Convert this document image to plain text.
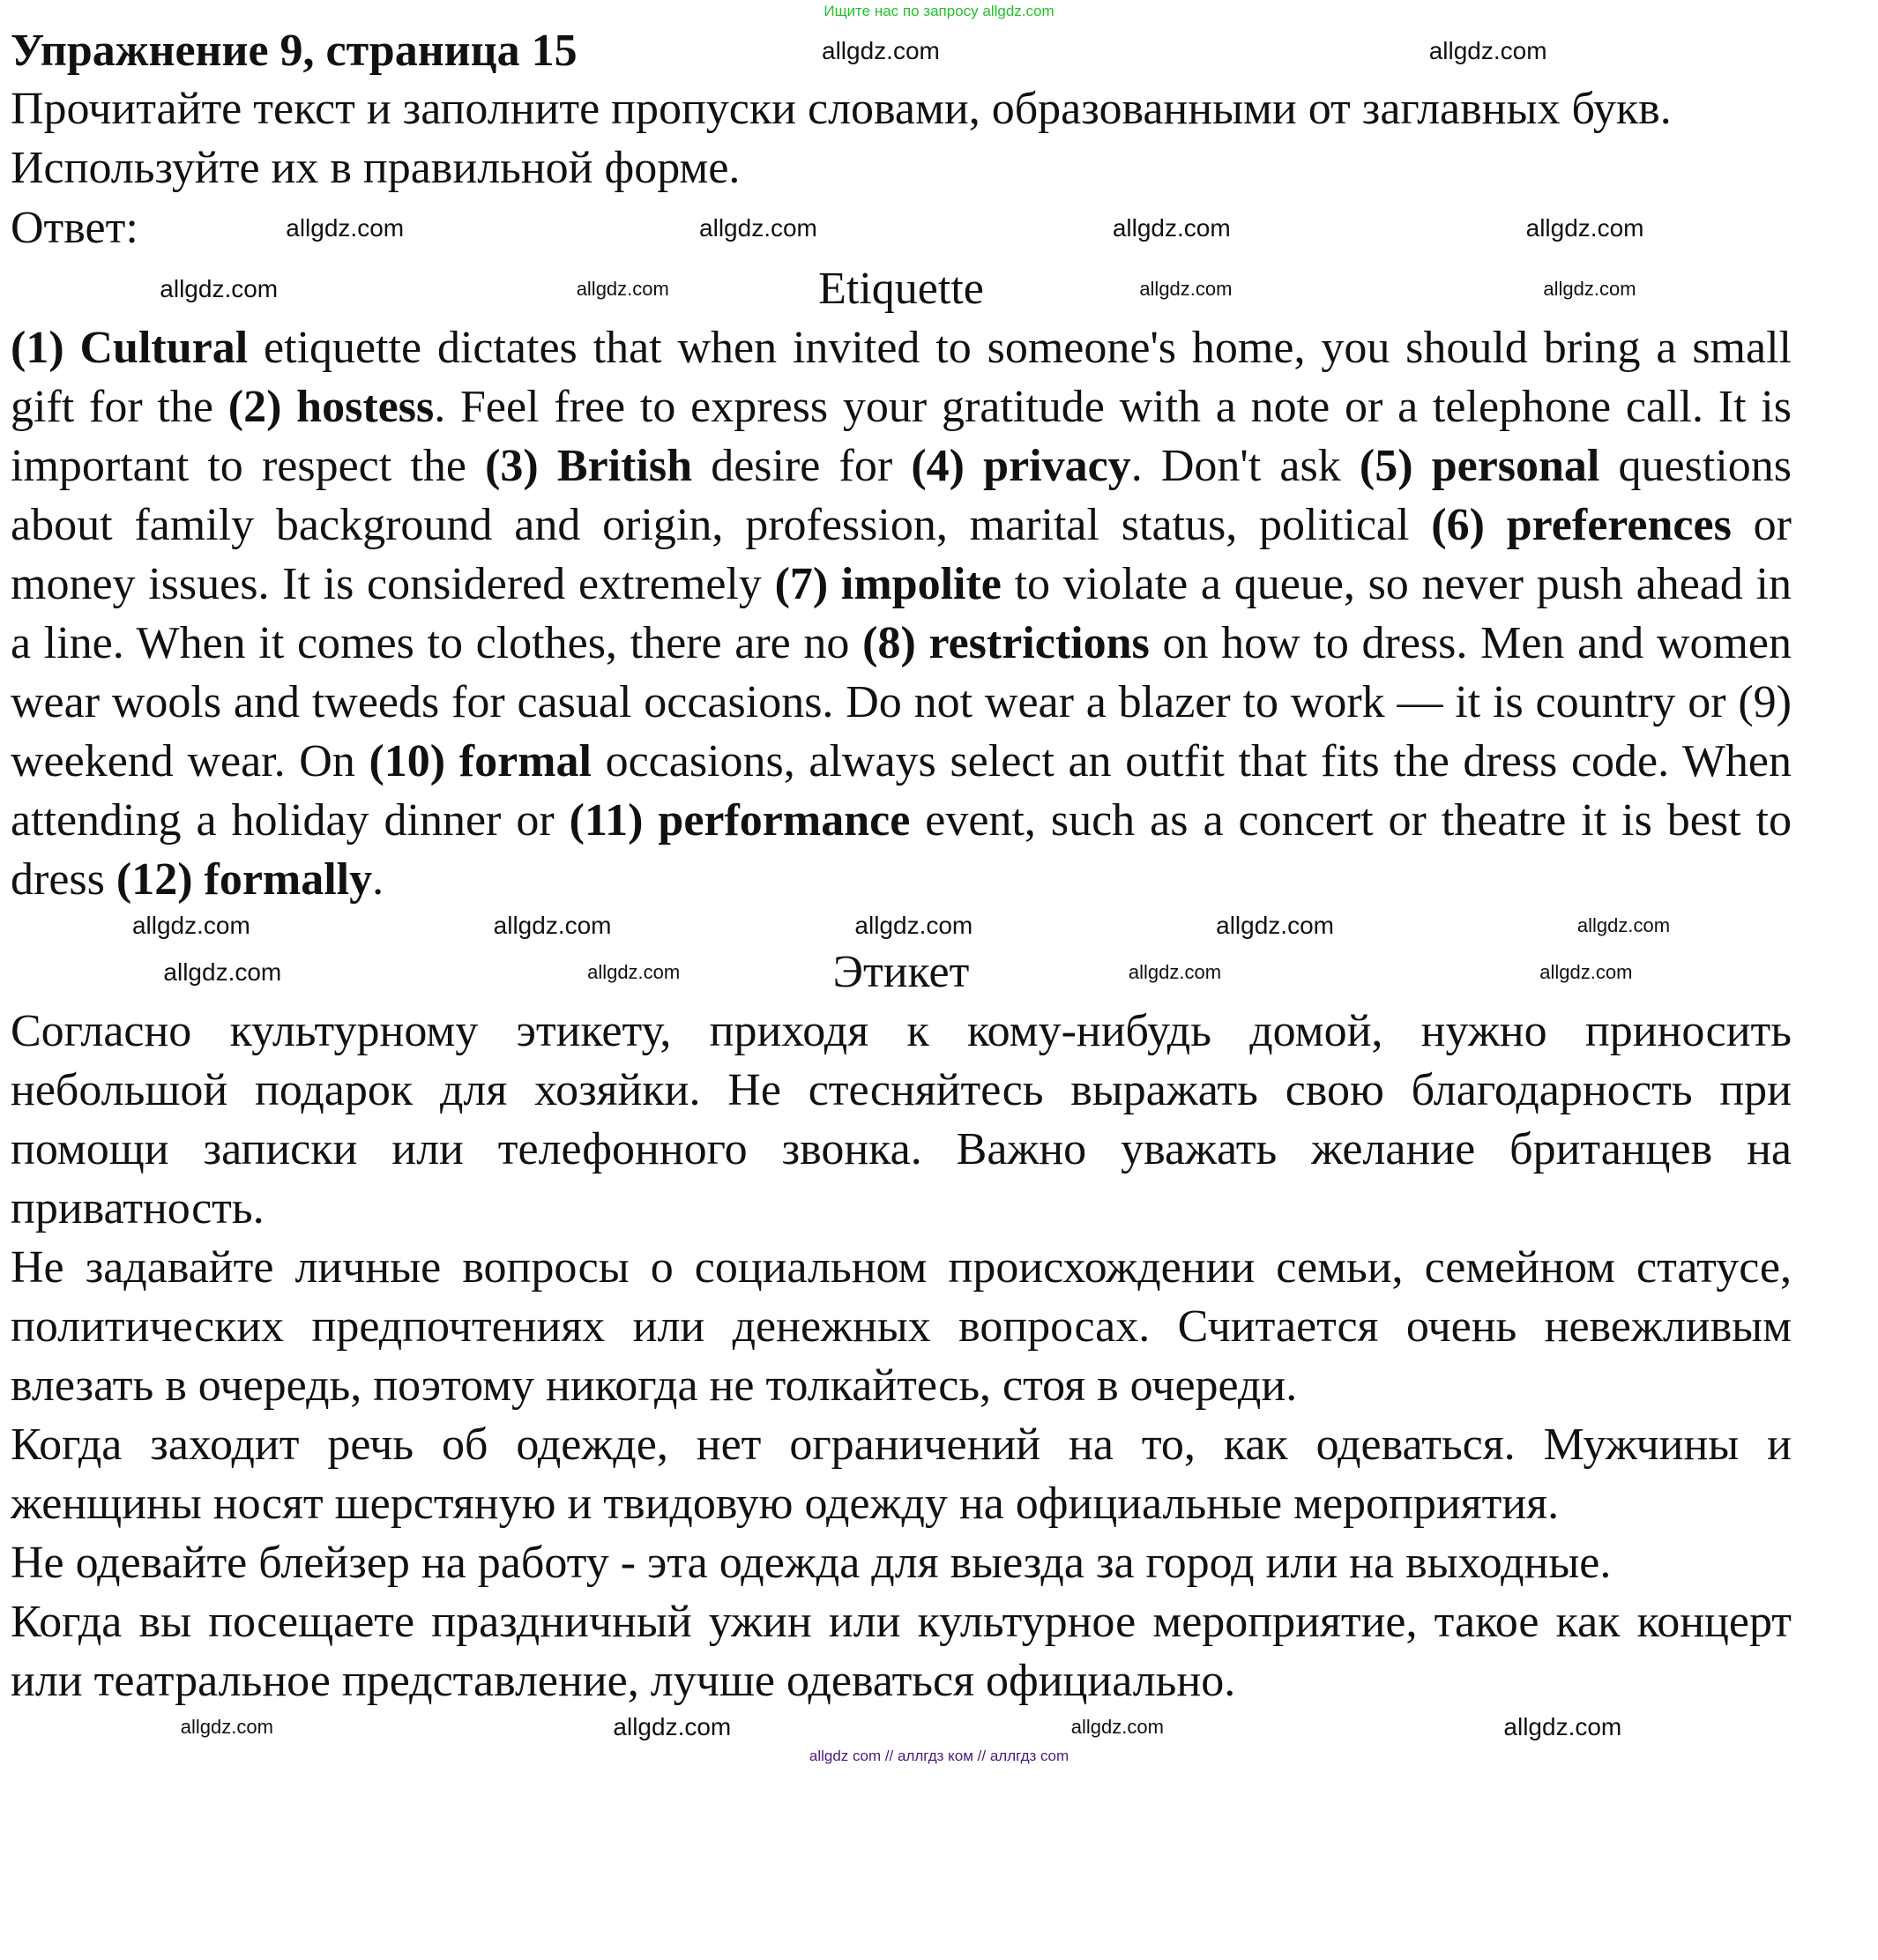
Ищите нас по запросу allgdz.com
Упражнение 9, страница 15	allgdz.com	allgdz.com

Прочитайте текст и заполните пропуски словами, образованными от заглавных букв. Используйте их в правильной форме.

Ответ:	allgdz.com	allgdz.com	allgdz.com	allgdz.com
allgdz.com	allgdz.com	Etiquette	allgdz.com	allgdz.com
(1) Cultural etiquette dictates that when invited to someone's home, you should bring a small gift for the (2) hostess. Feel free to express your gratitude with a note or a telephone call. It is important to respect the (3) British desire for (4) privacy. Don't ask (5) personal questions about family background and origin, profession, marital status, political (6) preferences or money issues. It is considered extremely (7) impolite to violate a queue, so never push ahead in a line. When it comes to clothes, there are no (8) restrictions on how to dress. Men and women wear wools and tweeds for casual occasions. Do not wear a blazer to work — it is country or (9) weekend wear. On (10) formal occasions, always select an outfit that fits the dress code. When attending a holiday dinner or (11) performance event, such as a concert or theatre it is best to dress (12) formally.
allgdz.com	allgdz.com	allgdz.com	allgdz.com	allgdz.com
allgdz.com	allgdz.com	Этикет	allgdz.com	allgdz.com

Согласно культурному этикету, приходя к кому-нибудь домой, нужно приносить небольшой подарок для хозяйки. Не стесняйтесь выражать свою благодарность при помощи записки или телефонного звонка. Важно уважать желание британцев на приватность.

Не задавайте личные вопросы о социальном происхождении семьи, семейном статусе, политических предпочтениях или денежных вопросах. Считается очень невежливым влезать в очередь, поэтому никогда не толкайтесь, стоя в очереди.

Когда заходит речь об одежде, нет ограничений на то, как одеваться. Мужчины и женщины носят шерстяную и твидовую одежду на официальные мероприятия.

Не одевайте блейзер на работу - эта одежда для выезда за город или на выходные.

Когда вы посещаете праздничный ужин или культурное мероприятие, такое как концерт или театральное представление, лучше одеваться официально.

allgdz.com	allgdz.com	allgdz.com	allgdz.com
allgdz com // аллгдз ком // аллгдз com
